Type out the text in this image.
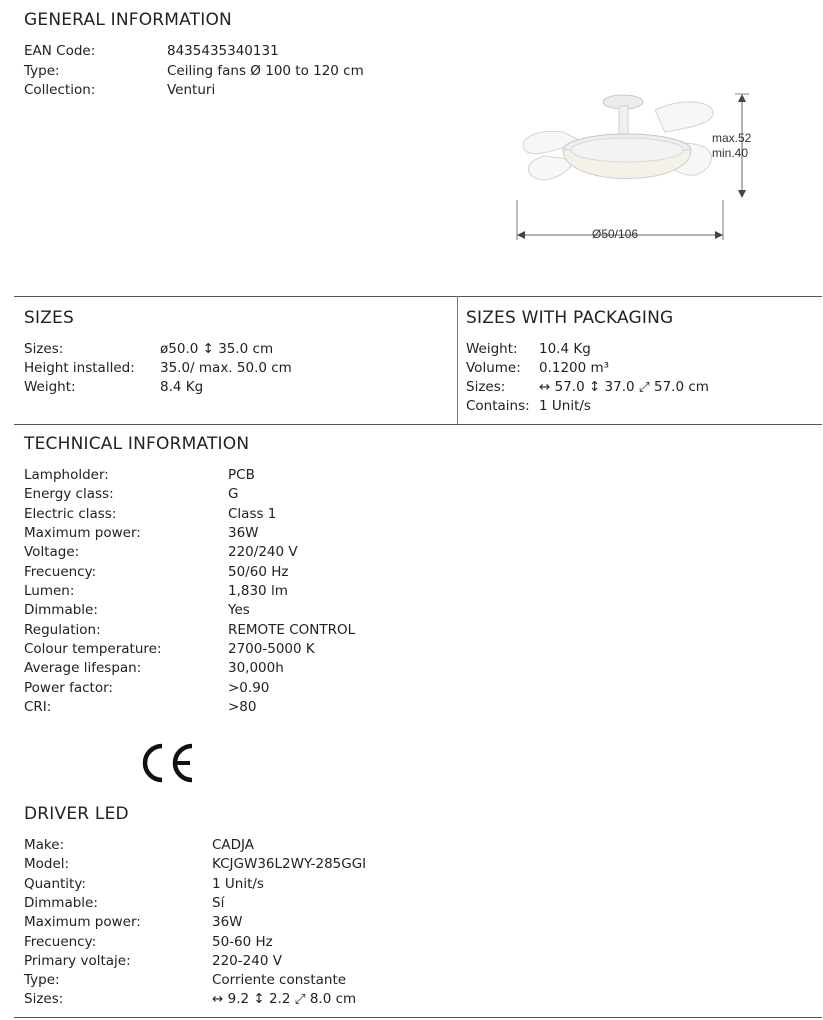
GENERAL INFORMATION
EAN Code:	8435435340131
Type:	Ceiling fans Ø 100 to 120 cm
Collection:	Venturi
max.52
min.40
Ø50/106
SIZES
Sizes:	ø50.0 ↕ 35.0 cm
Height installed: 35.0/ max. 50.0 cm
Weight:	8.4 Kg
SIZES WITH PACKAGING
Weight: 10.4 Kg
Volume: 0.1200 m³
Sizes: ↔ 57.0 ↕ 37.0 ⤢ 57.0 cm
Contains: 1 Unit/s
TECHNICAL INFORMATION
Lampholder:	PCB
Energy class:	G
Electric class:	Class 1
Maximum power:	36W
Voltage:	220/240 V
Frecuency:	50/60 Hz
Lumen:	1,830 lm
Dimmable:	Yes
Regulation:	REMOTE CONTROL
Colour temperature:	2700-5000 K
Average lifespan:	30,000h
Power factor:	>0.90
CRI:	>80
DRIVER LED
Make:	CADJA
Model:	KCJGW36L2WY-285GGI
Quantity:	1 Unit/s
Dimmable:	Sí
Maximum power:	36W
Frecuency:	50-60 Hz
Primary voltaje:	220-240 V
Type:	Corriente constante
Sizes:	↔ 9.2 ↕ 2.2 ⤢ 8.0 cm
